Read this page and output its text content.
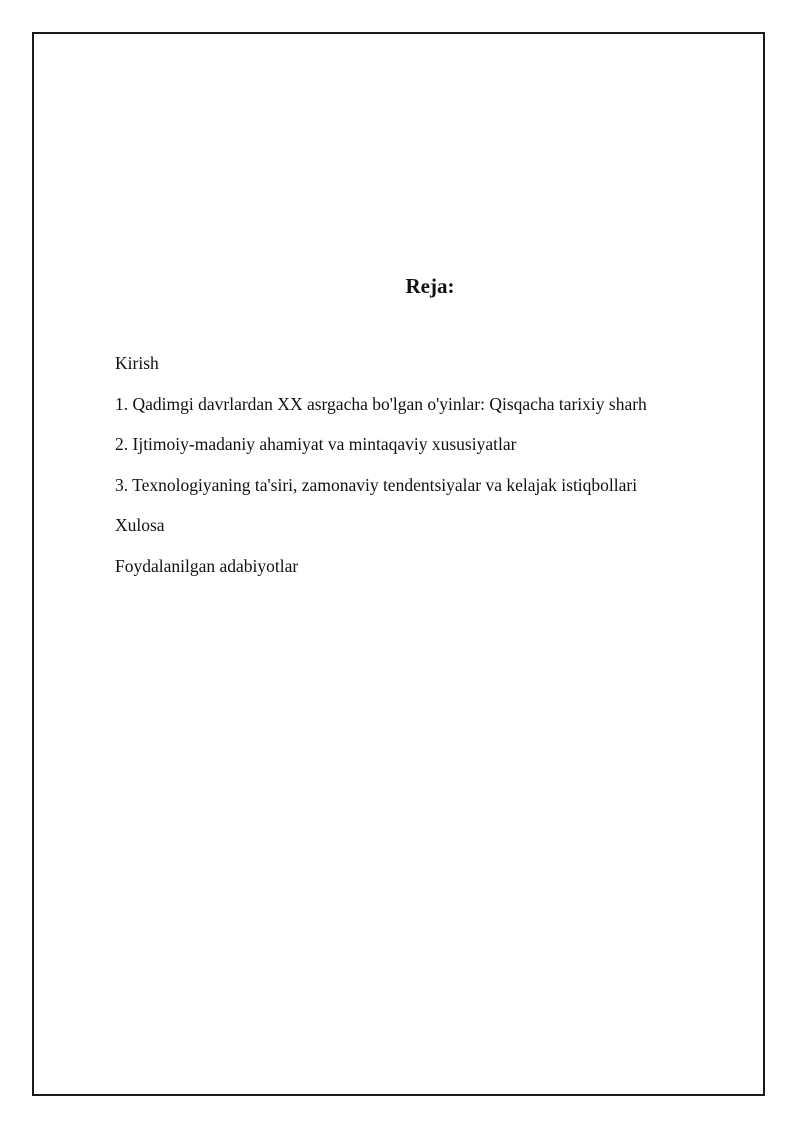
Reja:
Kirish
1. Qadimgi davrlardan XX asrgacha bo'lgan o'yinlar: Qisqacha tarixiy sharh
2. Ijtimoiy-madaniy ahamiyat va mintaqaviy xususiyatlar
3. Texnologiyaning ta'siri, zamonaviy tendentsiyalar va kelajak istiqbollari
Xulosa
Foydalanilgan adabiyotlar
